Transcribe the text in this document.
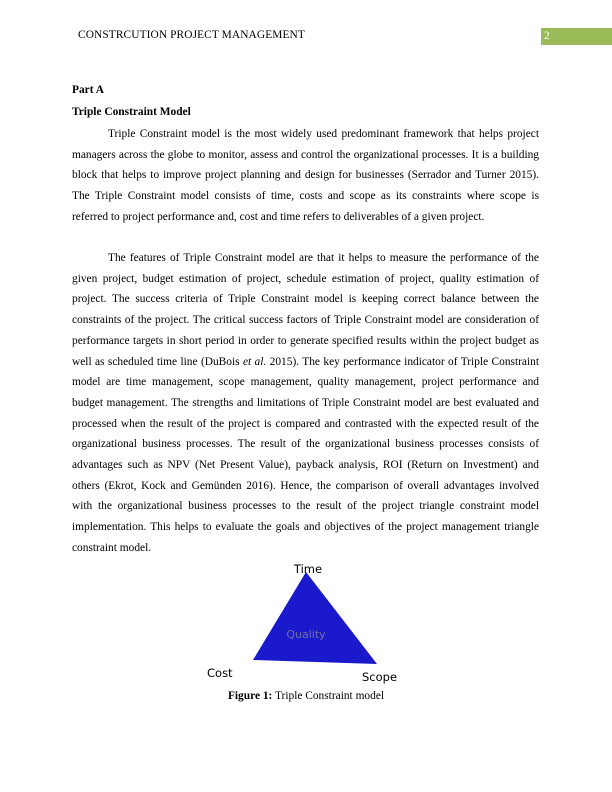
CONSTRCUTION PROJECT MANAGEMENT	2
Part A
Triple Constraint Model

Triple Constraint model is the most widely used predominant framework that helps project managers across the globe to monitor, assess and control the organizational processes. It is a building block that helps to improve project planning and design for businesses (Serrador and Turner 2015). The Triple Constraint model consists of time, costs and scope as its constraints where scope is referred to project performance and, cost and time refers to deliverables of a given project.

The features of Triple Constraint model are that it helps to measure the performance of the given project, budget estimation of project, schedule estimation of project, quality estimation of project. The success criteria of Triple Constraint model is keeping correct balance between the constraints of the project. The critical success factors of Triple Constraint model are consideration of performance targets in short period in order to generate specified results within the project budget as well as scheduled time line (DuBois et al. 2015). The key performance indicator of Triple Constraint model are time management, scope management, quality management, project performance and budget management. The strengths and limitations of Triple Constraint model are best evaluated and processed when the result of the project is compared and contrasted with the expected result of the organizational business processes. The result of the organizational business processes consists of advantages such as NPV (Net Present Value), payback analysis, ROI (Return on Investment) and others (Ekrot, Kock and Gemünden 2016). Hence, the comparison of overall advantages involved with the organizational business processes to the result of the project triangle constraint model implementation. This helps to evaluate the goals and objectives of the project management triangle constraint model.

Time
Quality
Cost	Scope
Figure 1: Triple Constraint model
